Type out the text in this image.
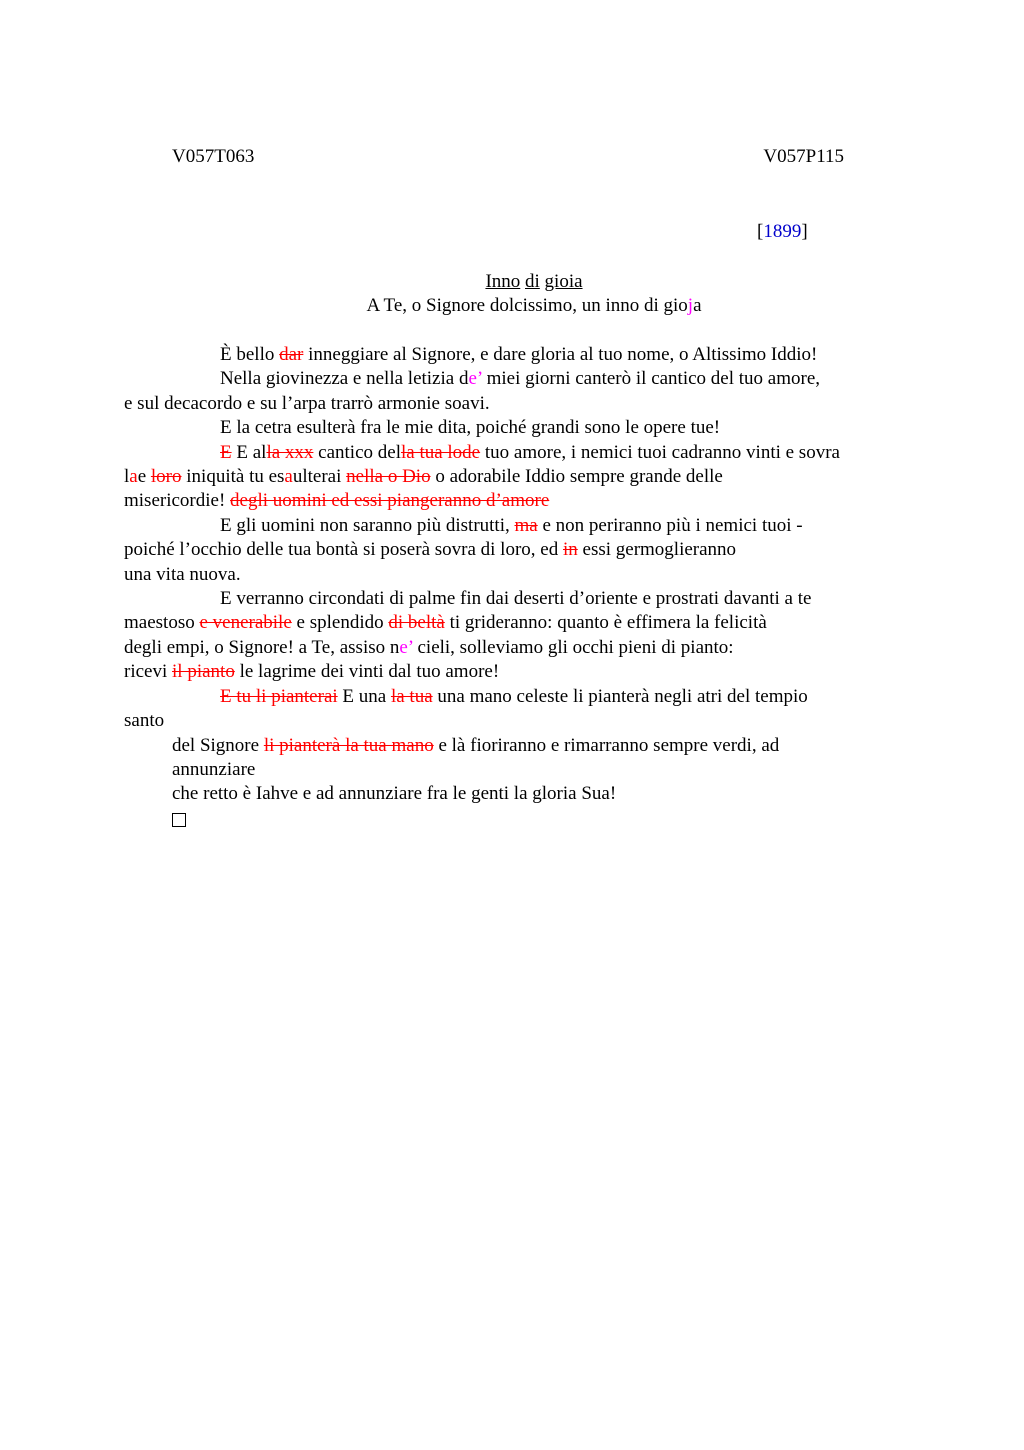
V057T063	V057P115
[1899]
Inno di gioia
A Te, o Signore dolcissimo, un inno di gioja

È bello dar inneggiare al Signore, e dare gloria al tuo nome, o Altissimo Iddio!

Nella giovinezza e nella letizia de’ miei giorni canterò il cantico del tuo amore,
e sul decacordo e su l’arpa trarrò armonie soavi.

E la cetra esulterà fra le mie dita, poiché grandi sono le opere tue!

E E alla xxx cantico della tua lode tuo amore, i nemici tuoi cadranno vinti e sovra
lae loro iniquità tu esaulterai nella o Dio o adorabile Iddio sempre grande delle
misericordie! degli uomini ed essi piangeranno d’amore

E gli uomini non saranno più distrutti, ma e non periranno più i nemici tuoi -
poiché l’occhio delle tua bontà si poserà sovra di loro, ed in essi germoglieranno
una vita nuova.

E verranno circondati di palme fin dai deserti d’oriente e prostrati davanti a te
maestoso e venerabile e splendido di beltà ti grideranno: quanto è effimera la felicità
degli empi, o Signore! a Te, assiso ne’ cieli, solleviamo gli occhi pieni di pianto:
ricevi il pianto le lagrime dei vinti dal tuo amore!

E tu li pianterai E una la tua una mano celeste li pianterà negli atri del tempio
santo

del Signore li pianterà la tua mano e là fioriranno e rimarranno sempre verdi, ad
annunziare

che retto è Iahve e ad annunziare fra le genti la gloria Sua!
